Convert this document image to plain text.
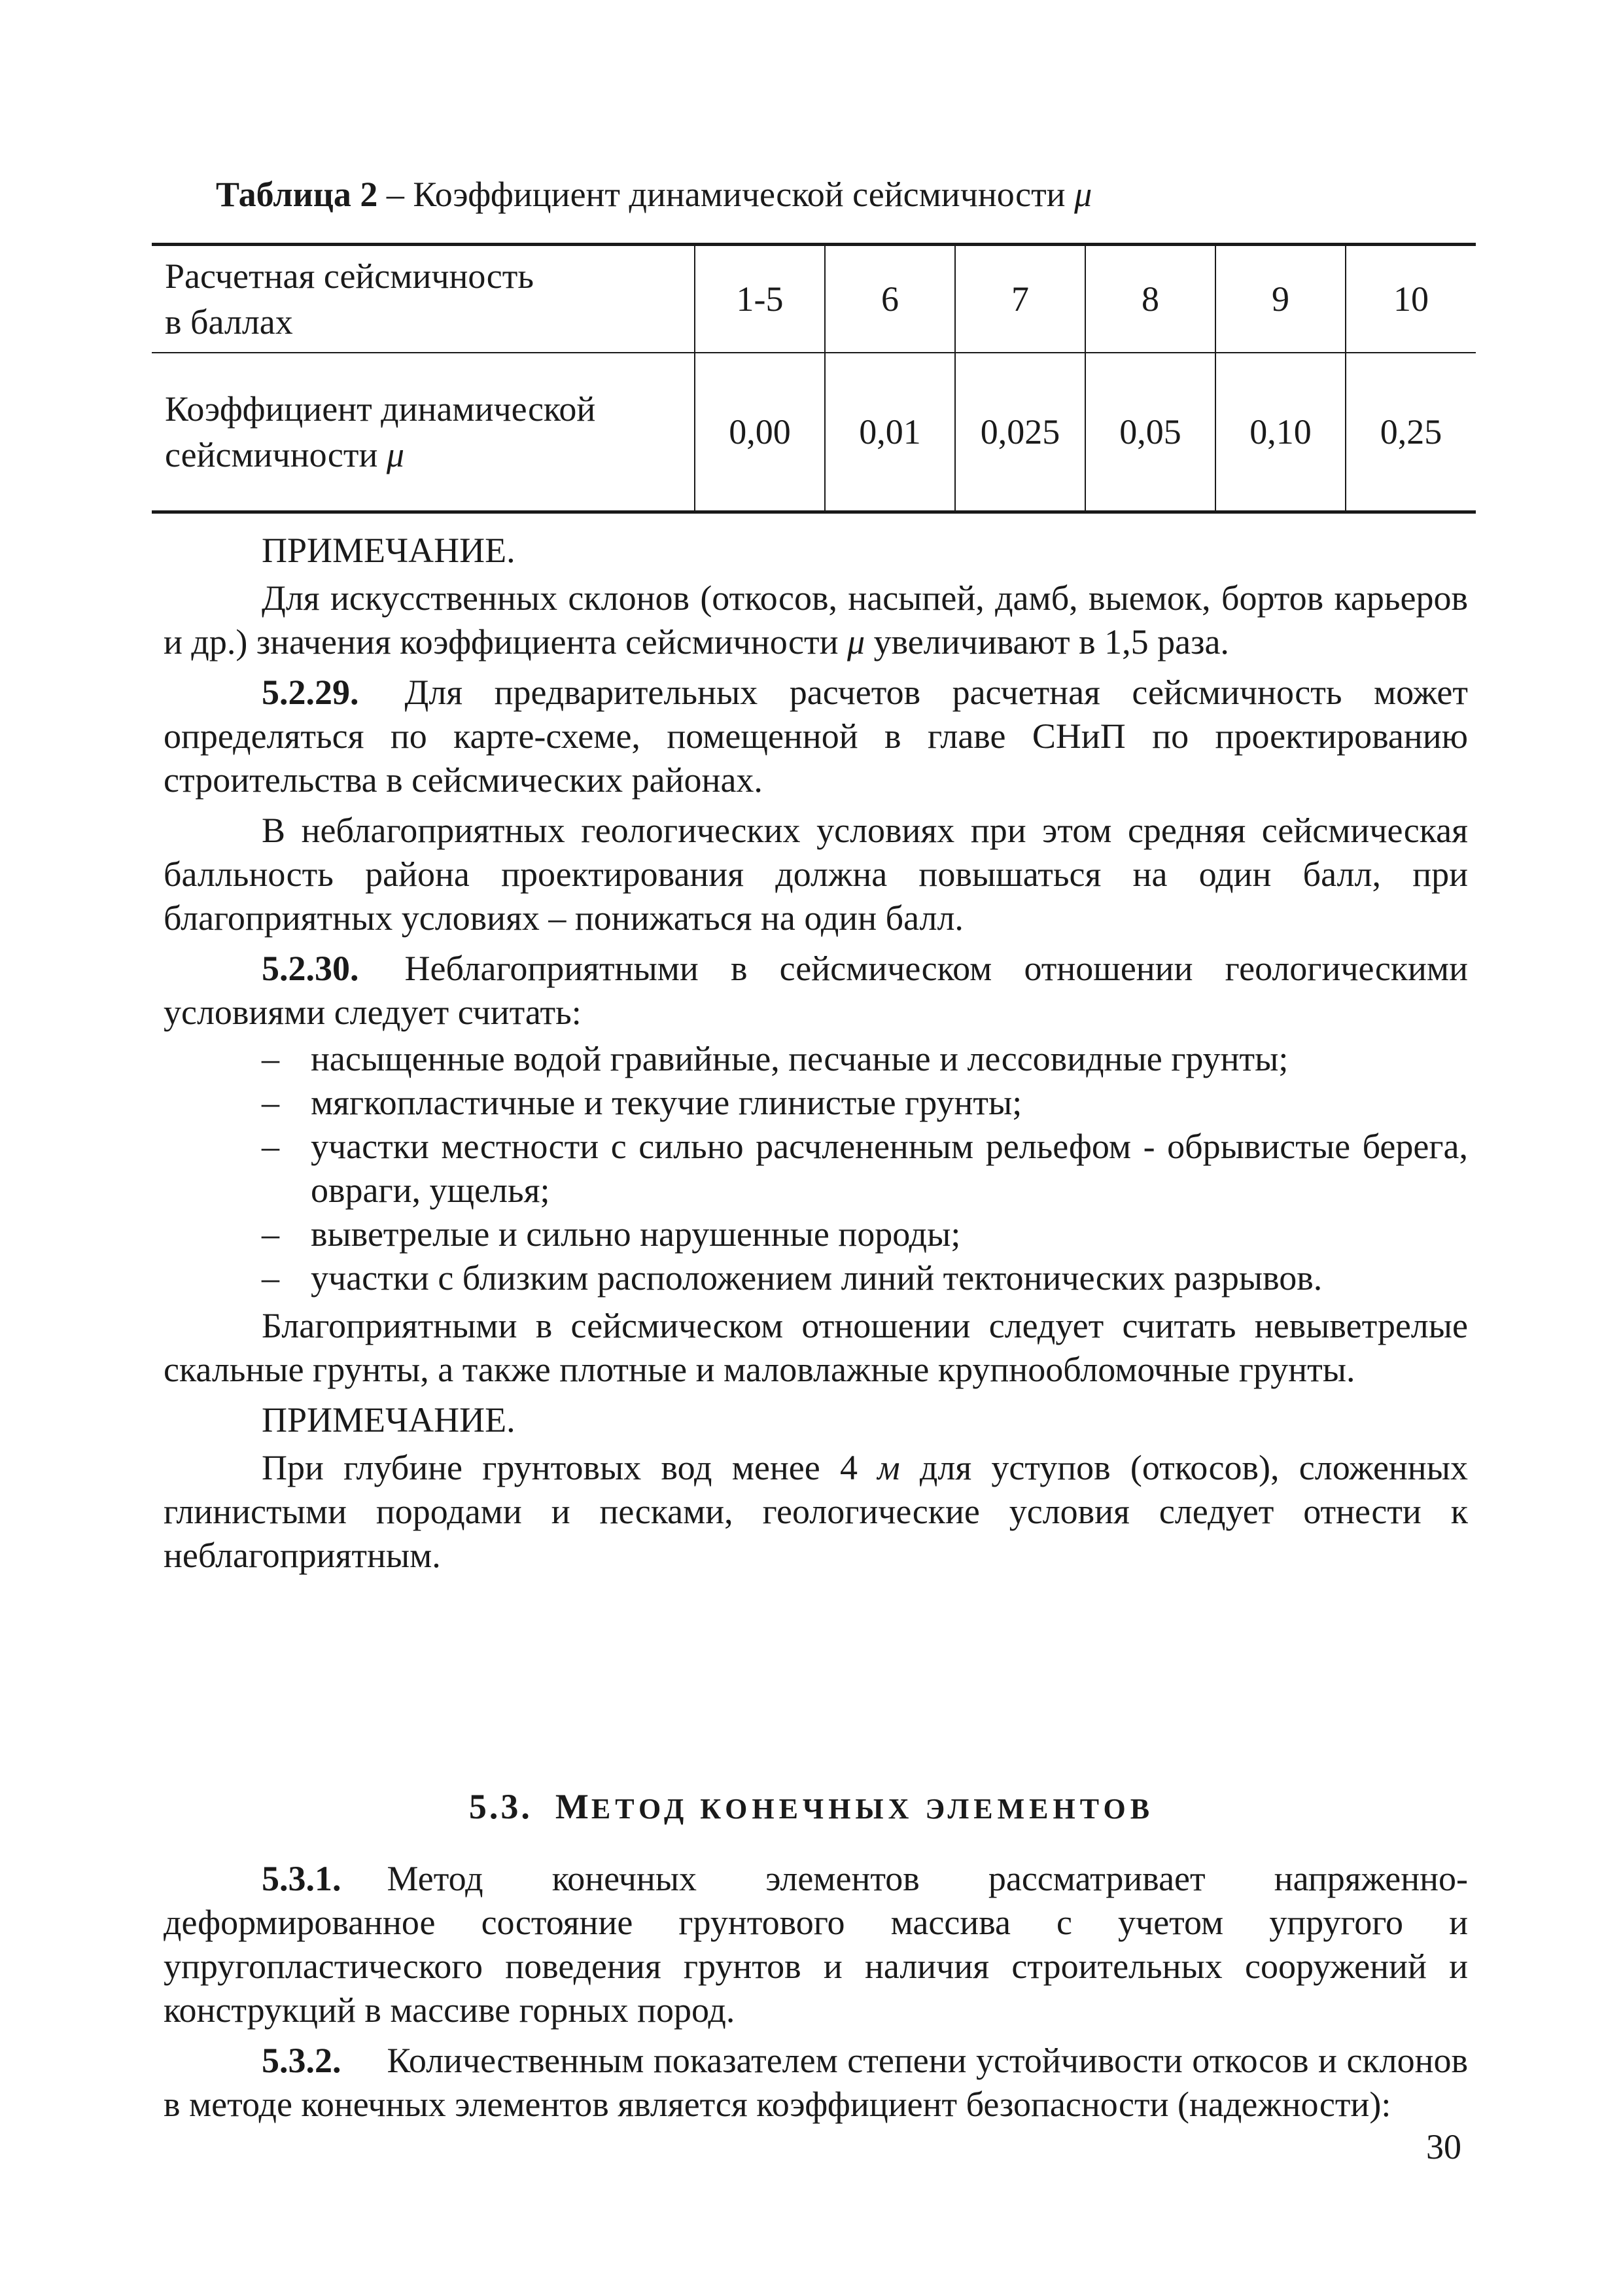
Таблица 2 – Коэффициент динамической сейсмичности μ
Расчетная сейсмичность
в баллах	1-5	6	7	8	9	10
Коэффициент динамической
сейсмичности μ	0,00	0,01	0,025	0,05	0,10	0,25

ПРИМЕЧАНИЕ.

Для искусственных склонов (откосов, насыпей, дамб, выемок, бортов карьеров и др.) значения коэффициента сейсмичности μ увеличивают в 1,5 раза.

5.2.29. Для предварительных расчетов расчетная сейсмичность может определяться по карте-схеме, помещенной в главе СНиП по проектированию строительства в сейсмических районах.

В неблагоприятных геологических условиях при этом средняя сейсмическая балльность района проектирования должна повышаться на один балл, при благоприятных условиях – понижаться на один балл.

5.2.30. Неблагоприятными в сейсмическом отношении геологическими условиями следует считать:

– насыщенные водой гравийные, песчаные и лессовидные грунты;
– мягкопластичные и текучие глинистые грунты;
– участки местности с сильно расчлененным рельефом - обрывистые берега, овраги, ущелья;
– выветрелые и сильно нарушенные породы;
– участки с близким расположением линий тектонических разрывов.

Благоприятными в сейсмическом отношении следует считать невыветрелые скальные грунты, а также плотные и маловлажные крупнообломочные грунты.

ПРИМЕЧАНИЕ.

При глубине грунтовых вод менее 4 м для уступов (откосов), сложенных глинистыми породами и песками, геологические условия следует отнести к неблагоприятным.

5.3. МЕТОД КОНЕЧНЫХ ЭЛЕМЕНТОВ

5.3.1. Метод конечных элементов рассматривает напряженно-деформированное состояние грунтового массива с учетом упругого и упругопластического поведения грунтов и наличия строительных сооружений и конструкций в массиве горных пород.

5.3.2. Количественным показателем степени устойчивости откосов и склонов в методе конечных элементов является коэффициент безопасности (надежности):

30
